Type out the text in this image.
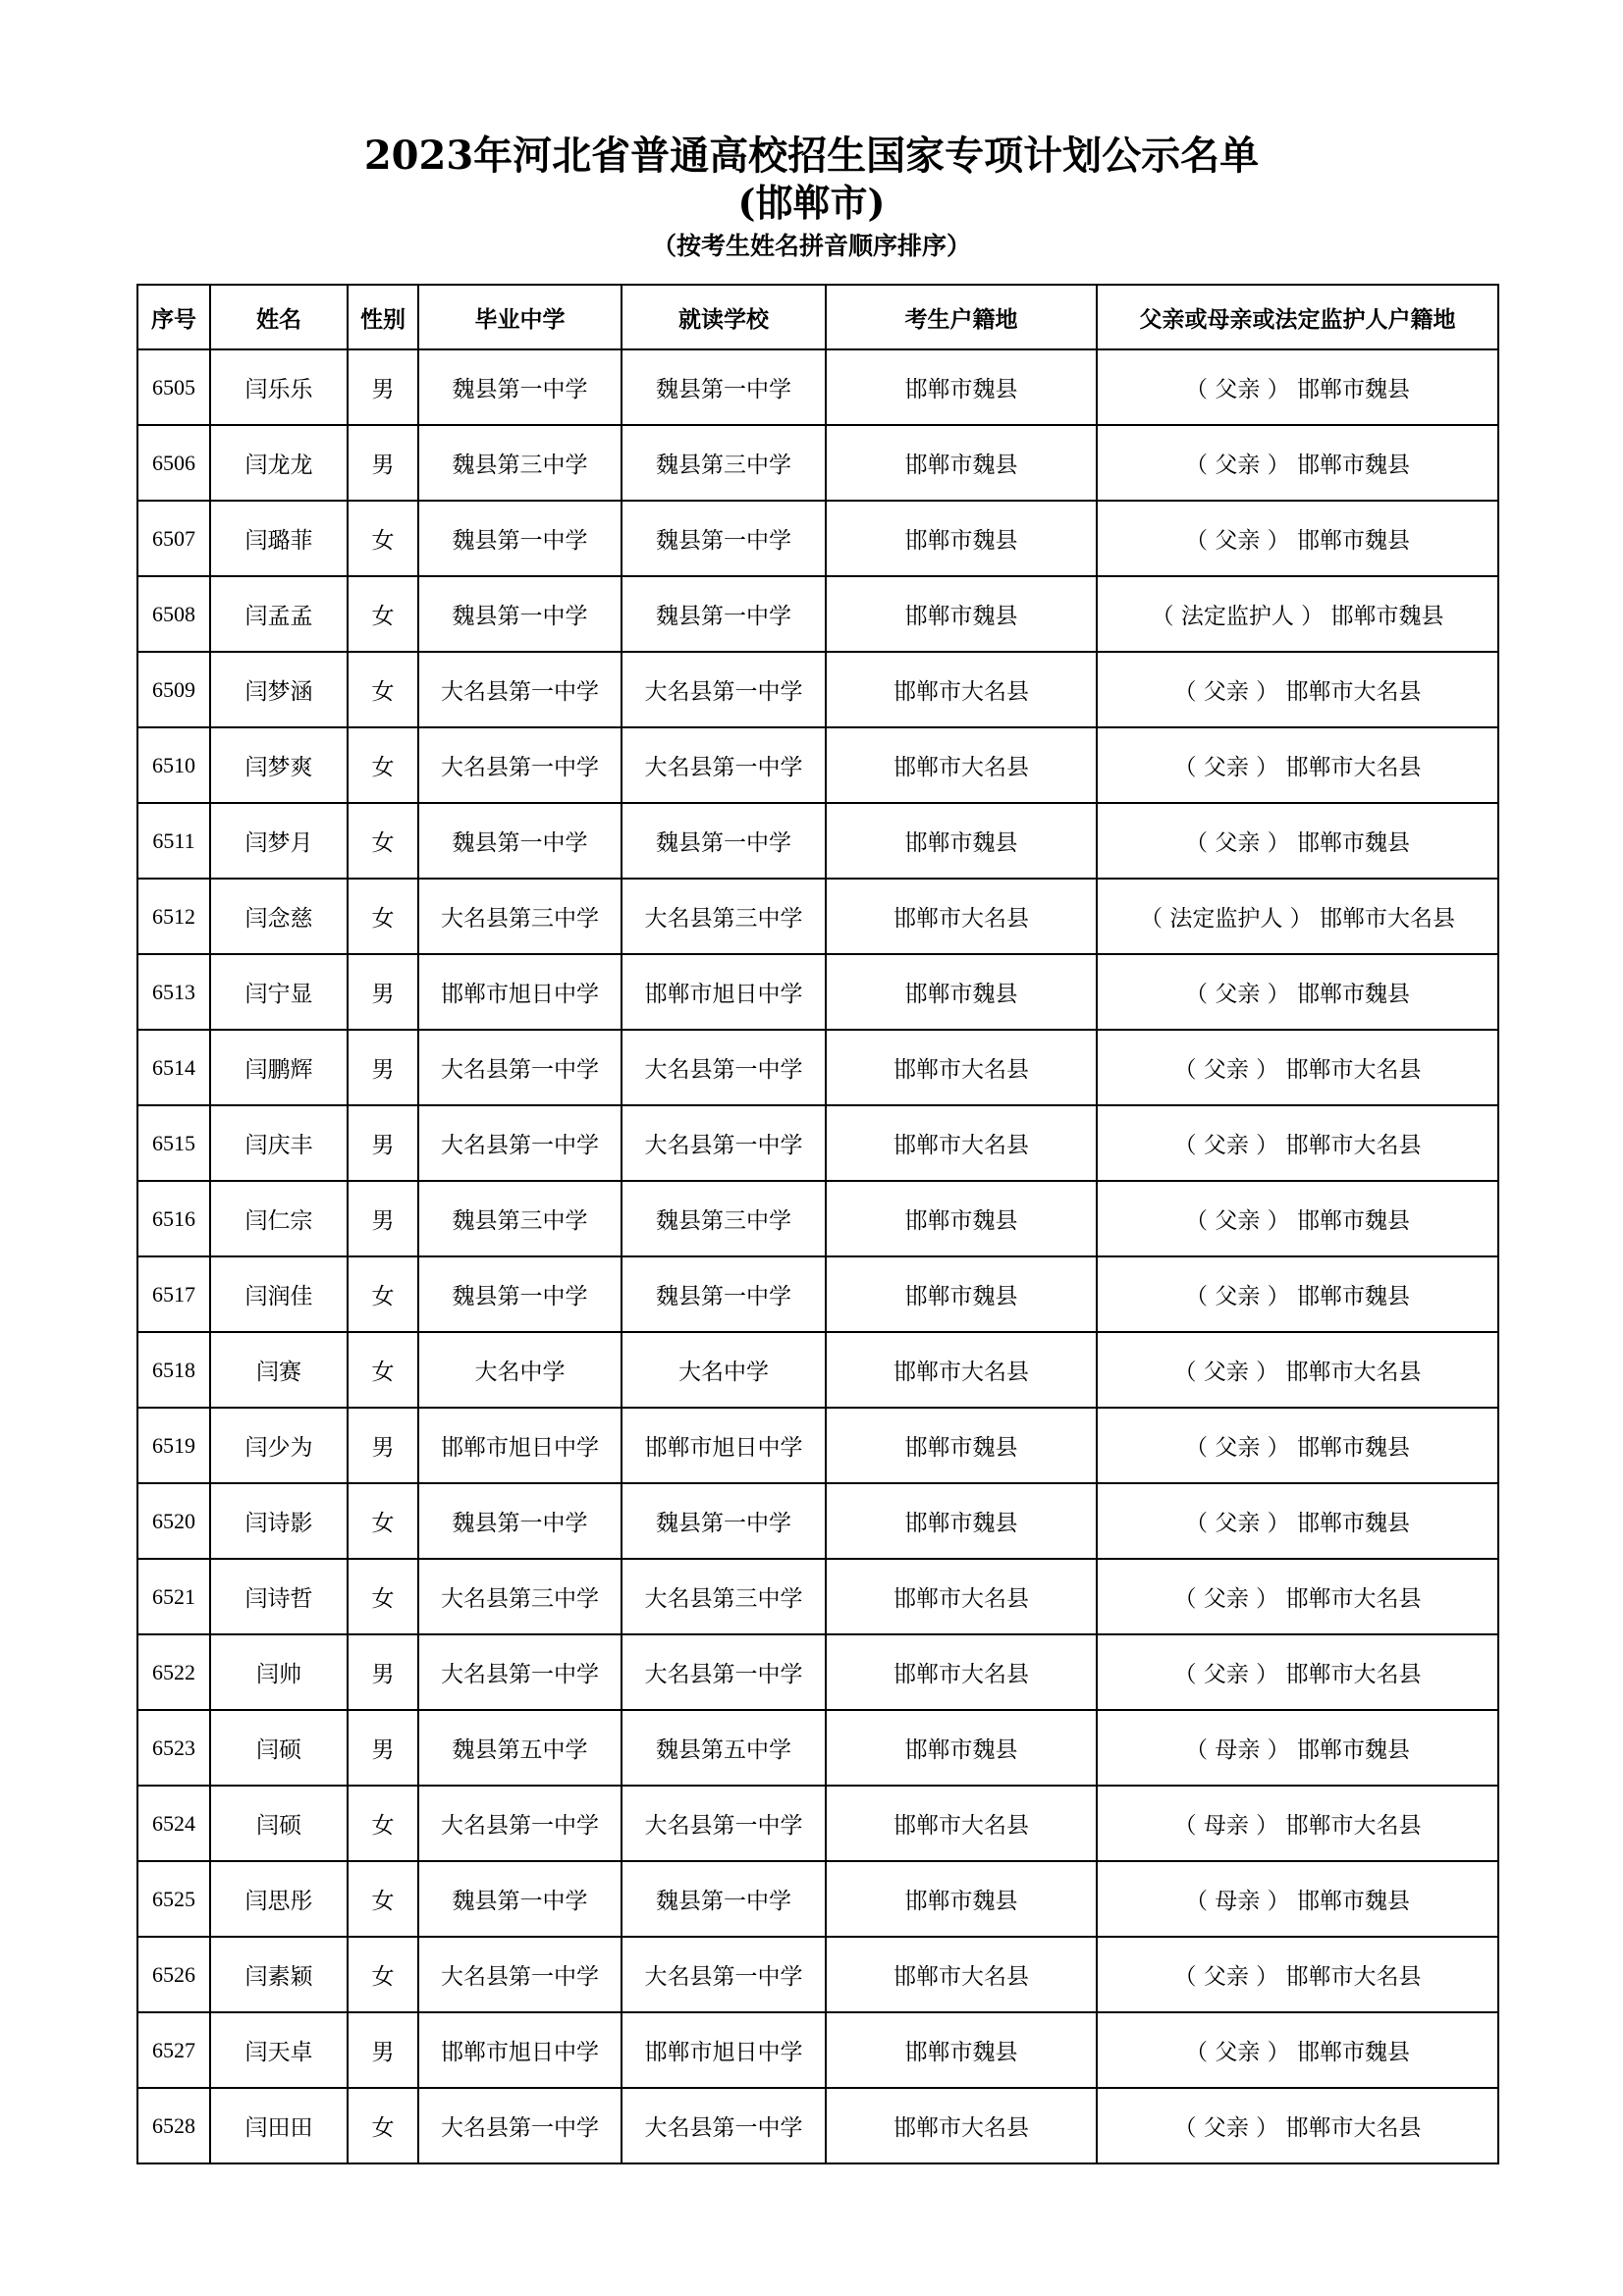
2023年河北省普通高校招生国家专项计划公示名单
(邯郸市)
（按考生姓名拼音顺序排序）
序号	姓名	性别	毕业中学	就读学校	考生户籍地	父亲或母亲或法定监护人户籍地
6505	闫乐乐	男	魏县第一中学	魏县第一中学	邯郸市魏县	（ 父亲 ） 邯郸市魏县
6506	闫龙龙	男	魏县第三中学	魏县第三中学	邯郸市魏县	（ 父亲 ） 邯郸市魏县
6507	闫璐菲	女	魏县第一中学	魏县第一中学	邯郸市魏县	（ 父亲 ） 邯郸市魏县
6508	闫孟孟	女	魏县第一中学	魏县第一中学	邯郸市魏县	（ 法定监护人 ） 邯郸市魏县
6509	闫梦涵	女	大名县第一中学	大名县第一中学	邯郸市大名县	（ 父亲 ） 邯郸市大名县
6510	闫梦爽	女	大名县第一中学	大名县第一中学	邯郸市大名县	（ 父亲 ） 邯郸市大名县
6511	闫梦月	女	魏县第一中学	魏县第一中学	邯郸市魏县	（ 父亲 ） 邯郸市魏县
6512	闫念慈	女	大名县第三中学	大名县第三中学	邯郸市大名县	（ 法定监护人 ） 邯郸市大名县
6513	闫宁显	男	邯郸市旭日中学	邯郸市旭日中学	邯郸市魏县	（ 父亲 ） 邯郸市魏县
6514	闫鹏辉	男	大名县第一中学	大名县第一中学	邯郸市大名县	（ 父亲 ） 邯郸市大名县
6515	闫庆丰	男	大名县第一中学	大名县第一中学	邯郸市大名县	（ 父亲 ） 邯郸市大名县
6516	闫仁宗	男	魏县第三中学	魏县第三中学	邯郸市魏县	（ 父亲 ） 邯郸市魏县
6517	闫润佳	女	魏县第一中学	魏县第一中学	邯郸市魏县	（ 父亲 ） 邯郸市魏县
6518	闫赛	女	大名中学	大名中学	邯郸市大名县	（ 父亲 ） 邯郸市大名县
6519	闫少为	男	邯郸市旭日中学	邯郸市旭日中学	邯郸市魏县	（ 父亲 ） 邯郸市魏县
6520	闫诗影	女	魏县第一中学	魏县第一中学	邯郸市魏县	（ 父亲 ） 邯郸市魏县
6521	闫诗哲	女	大名县第三中学	大名县第三中学	邯郸市大名县	（ 父亲 ） 邯郸市大名县
6522	闫帅	男	大名县第一中学	大名县第一中学	邯郸市大名县	（ 父亲 ） 邯郸市大名县
6523	闫硕	男	魏县第五中学	魏县第五中学	邯郸市魏县	（ 母亲 ） 邯郸市魏县
6524	闫硕	女	大名县第一中学	大名县第一中学	邯郸市大名县	（ 母亲 ） 邯郸市大名县
6525	闫思彤	女	魏县第一中学	魏县第一中学	邯郸市魏县	（ 母亲 ） 邯郸市魏县
6526	闫素颖	女	大名县第一中学	大名县第一中学	邯郸市大名县	（ 父亲 ） 邯郸市大名县
6527	闫天卓	男	邯郸市旭日中学	邯郸市旭日中学	邯郸市魏县	（ 父亲 ） 邯郸市魏县
6528	闫田田	女	大名县第一中学	大名县第一中学	邯郸市大名县	（ 父亲 ） 邯郸市大名县
